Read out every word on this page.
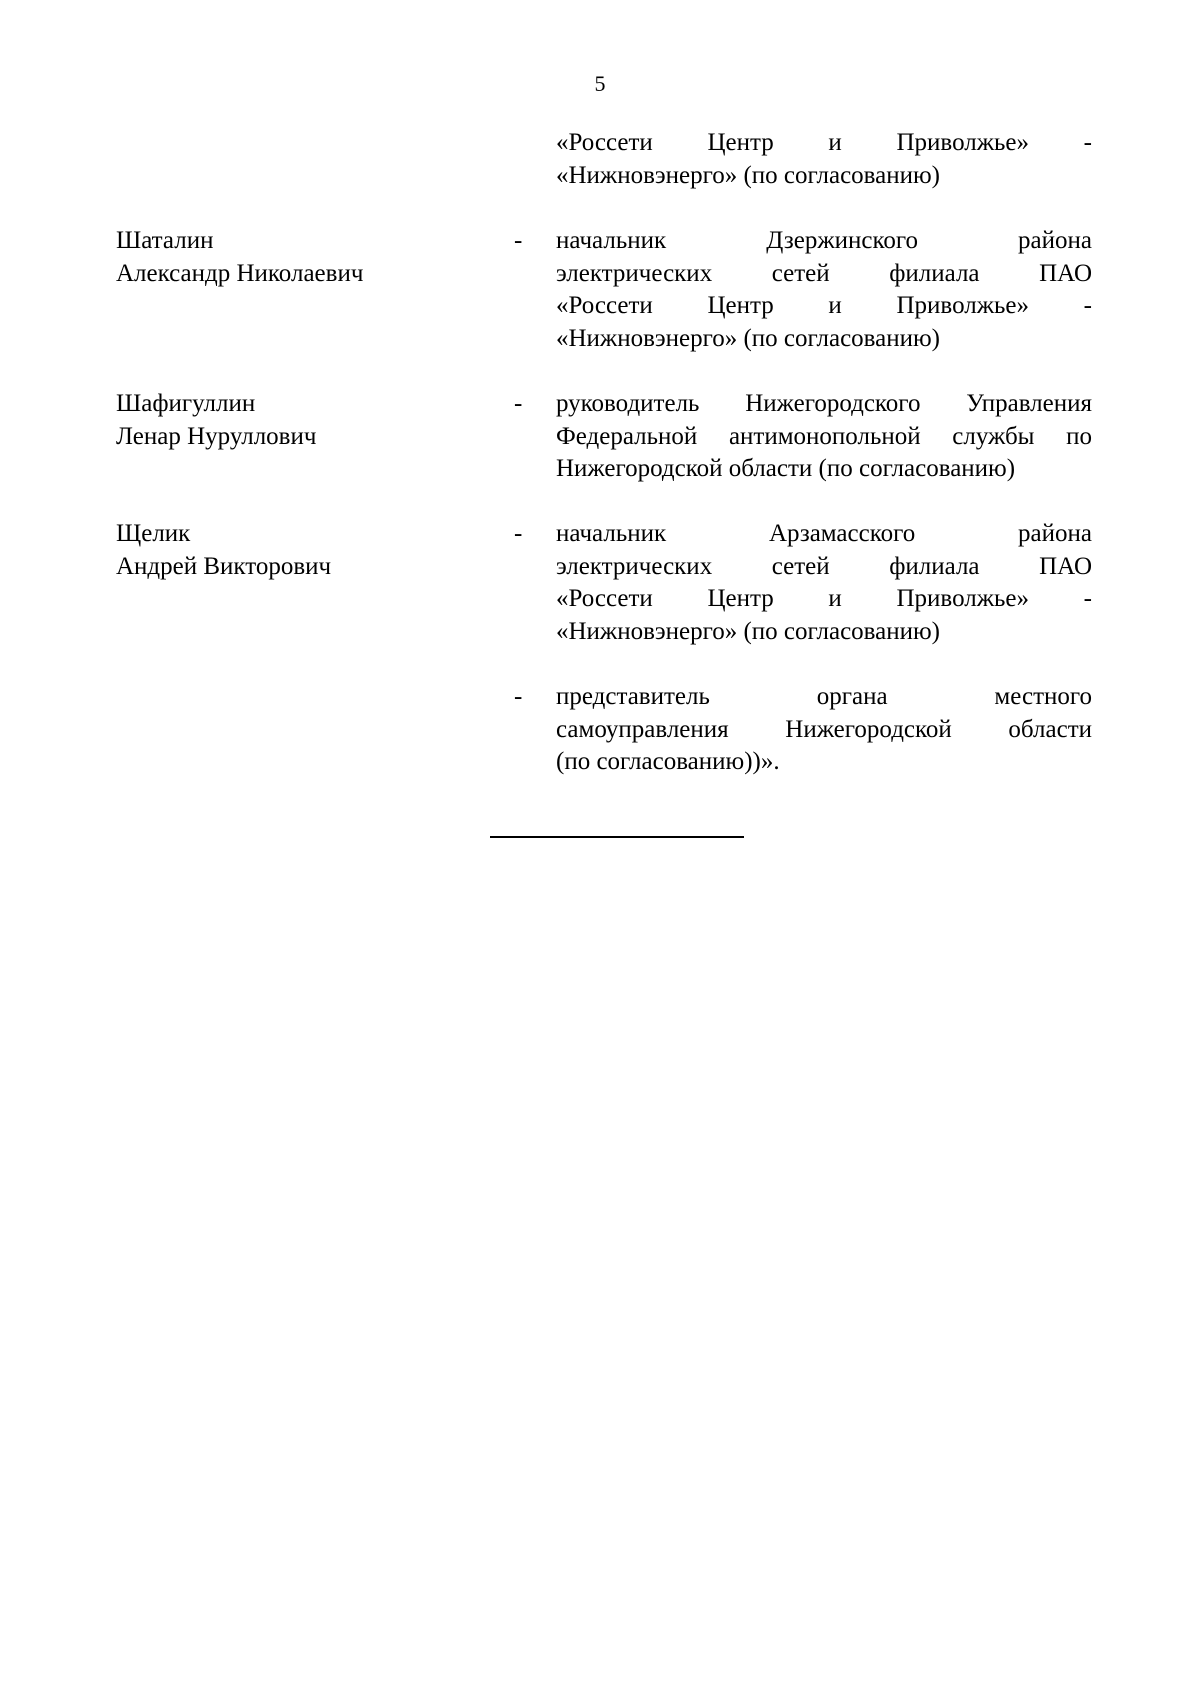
5
«Россети Центр и Приволжье» -
«Нижновэнерго» (по согласованию)
Шаталин
Александр Николаевич
- начальник Дзержинского района
электрических сетей филиала ПАО
«Россети Центр и Приволжье» -
«Нижновэнерго» (по согласованию)
Шафигуллин
Ленар Нуруллович
- руководитель Нижегородского Управления
Федеральной антимонопольной службы по
Нижегородской области (по согласованию)
Щелик
Андрей Викторович
- начальник Арзамасского района
электрических сетей филиала ПАО
«Россети Центр и Приволжье» -
«Нижновэнерго» (по согласованию)
- представитель органа местного
самоуправления Нижегородской области
(по согласованию))».
